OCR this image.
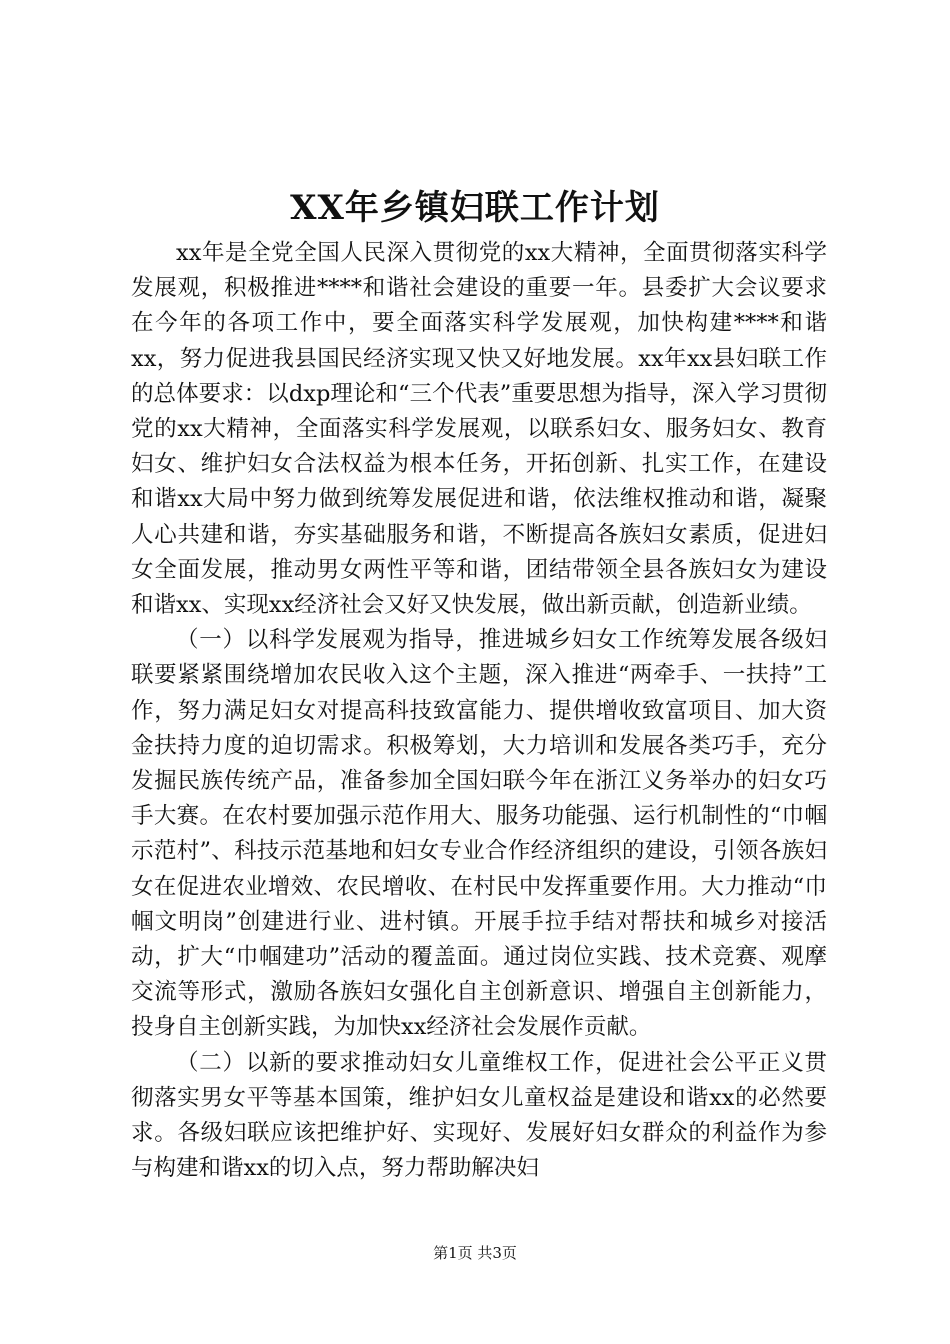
XX年乡镇妇联工作计划

xx年是全党全国人民深入贯彻党的xx大精神，全面贯彻落实科学发展观，积极推进****和谐社会建设的重要一年。县委扩大会议要求在今年的各项工作中，要全面落实科学发展观，加快构建****和谐xx，努力促进我县国民经济实现又快又好地发展。xx年xx县妇联工作的总体要求：以dxp理论和“三个代表”重要思想为指导，深入学习贯彻党的xx大精神，全面落实科学发展观，以联系妇女、服务妇女、教育妇女、维护妇女合法权益为根本任务，开拓创新、扎实工作，在建设和谐xx大局中努力做到统筹发展促进和谐，依法维权推动和谐，凝聚人心共建和谐，夯实基础服务和谐，不断提高各族妇女素质，促进妇女全面发展，推动男女两性平等和谐，团结带领全县各族妇女为建设和谐xx、实现xx经济社会又好又快发展，做出新贡献，创造新业绩。

（一）以科学发展观为指导，推进城乡妇女工作统筹发展各级妇联要紧紧围绕增加农民收入这个主题，深入推进“两牵手、一扶持”工作，努力满足妇女对提高科技致富能力、提供增收致富项目、加大资金扶持力度的迫切需求。积极筹划，大力培训和发展各类巧手，充分发掘民族传统产品，准备参加全国妇联今年在浙江义务举办的妇女巧手大赛。在农村要加强示范作用大、服务功能强、运行机制性的“巾帼示范村”、科技示范基地和妇女专业合作经济组织的建设，引领各族妇女在促进农业增效、农民增收、在村民中发挥重要作用。大力推动“巾帼文明岗”创建进行业、进村镇。开展手拉手结对帮扶和城乡对接活动，扩大“巾帼建功”活动的覆盖面。通过岗位实践、技术竞赛、观摩交流等形式，激励各族妇女强化自主创新意识、增强自主创新能力，投身自主创新实践，为加快xx经济社会发展作贡献。

（二）以新的要求推动妇女儿童维权工作，促进社会公平正义贯彻落实男女平等基本国策，维护妇女儿童权益是建设和谐xx的必然要求。各级妇联应该把维护好、实现好、发展好妇女群众的利益作为参与构建和谐xx的切入点，努力帮助解决妇

第1页 共3页
